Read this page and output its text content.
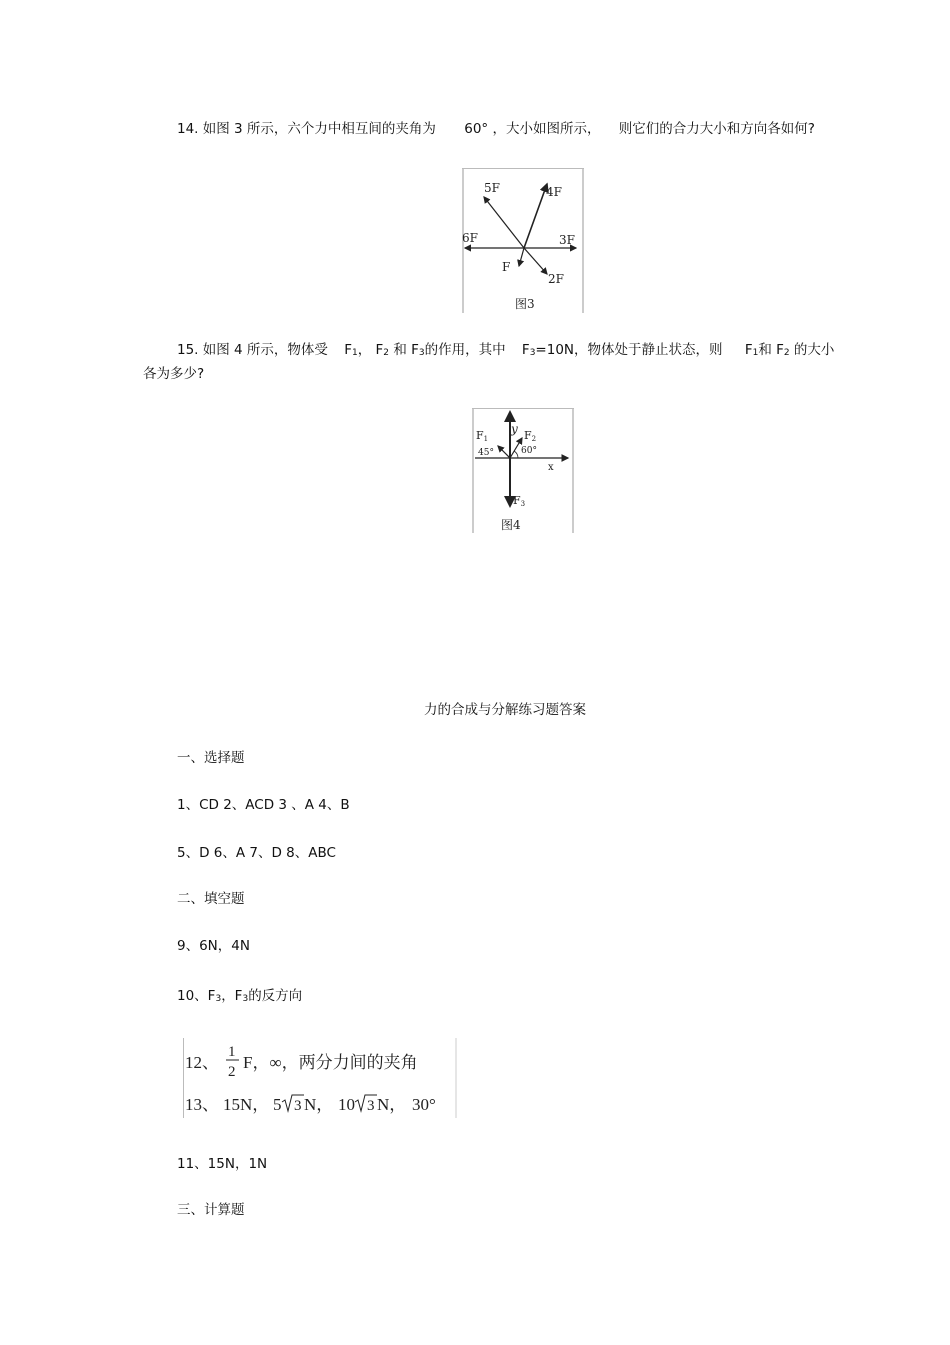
14. 如图 3 所示，六个力中相互间的夹角为 60° ，大小如图所示， 则它们的合力大小和方向各如何?
5F	4F
6F	3F
F
2F
图3
15. 如图 4 所示，物体受 F1， F2 和 F3的作用，其中 F3=10N，物体处于静止状态，则 F1和 F2 的大小
各为多少?
F1
y F2
45°	60°
x
F3
图4
力的合成与分解练习题答案
一、选择题
1、CD 2、ACD 3 、A 4、B
5、D 6、A 7、D 8、ABC
二、填空题
9、6N，4N
10、F3，F3的反方向
12、
1
2 F，∞，两分力间的夹角
13、 15N， 5 3 N， 10 3 N， 30°
11、15N，1N
三、计算题
